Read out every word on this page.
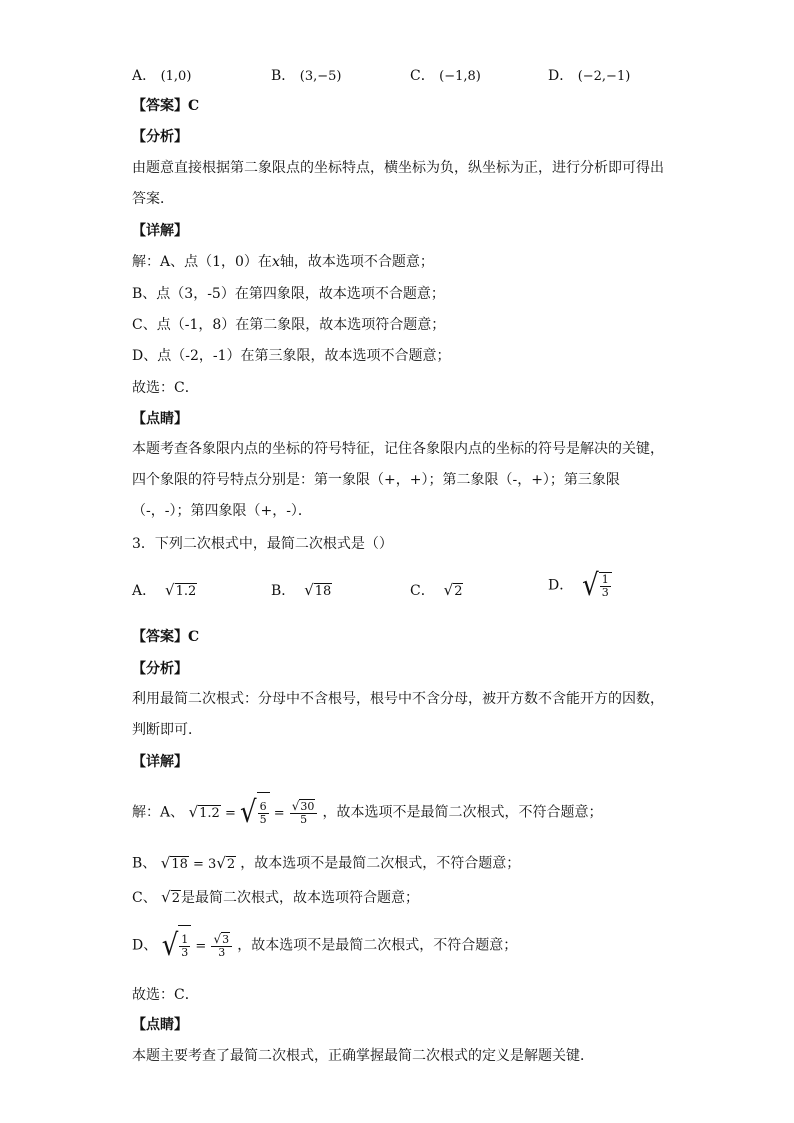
A． (1,0)	B． (3,−5)	C． (−1,8)	D． (−2,−1)
【答案】C
【分析】
由题意直接根据第二象限点的坐标特点，横坐标为负，纵坐标为正，进行分析即可得出答案．
【详解】
解：A、点（1，0）在x轴，故本选项不合题意；
B、点（3，-5）在第四象限，故本选项不合题意；
C、点（-1，8）在第二象限，故本选项符合题意；
D、点（-2，-1）在第三象限，故本选项不合题意；
故选：C．
【点睛】
本题考查各象限内点的坐标的符号特征，记住各象限内点的坐标的符号是解决的关键，四个象限的符号特点分别是：第一象限（+，+）；第二象限（-，+）；第三象限（-，-）；第四象限（+，-）．
3．下列二次根式中，最简二次根式是（）
A． √1.2	B． √18	C． √2	D． √ $\frac{1}{3}$
【答案】C
【分析】
利用最简二次根式：分母中不含根号，根号中不含分母，被开方数不含能开方的因数，判断即可．
【详解】
解：A、 √1.2 = √ $\frac{6}{5} = \frac{√30}{5}$ ，故本选项不是最简二次根式，不符合题意；
B、 √18 = 3√2 ，故本选项不是最简二次根式，不符合题意；
C、 √2是最简二次根式，故本选项符合题意；
D、 √ $\frac{1}{3} = \frac{√3}{3}$ ，故本选项不是最简二次根式，不符合题意；
故选：C．
【点睛】
本题主要考查了最简二次根式，正确掌握最简二次根式的定义是解题关键．
